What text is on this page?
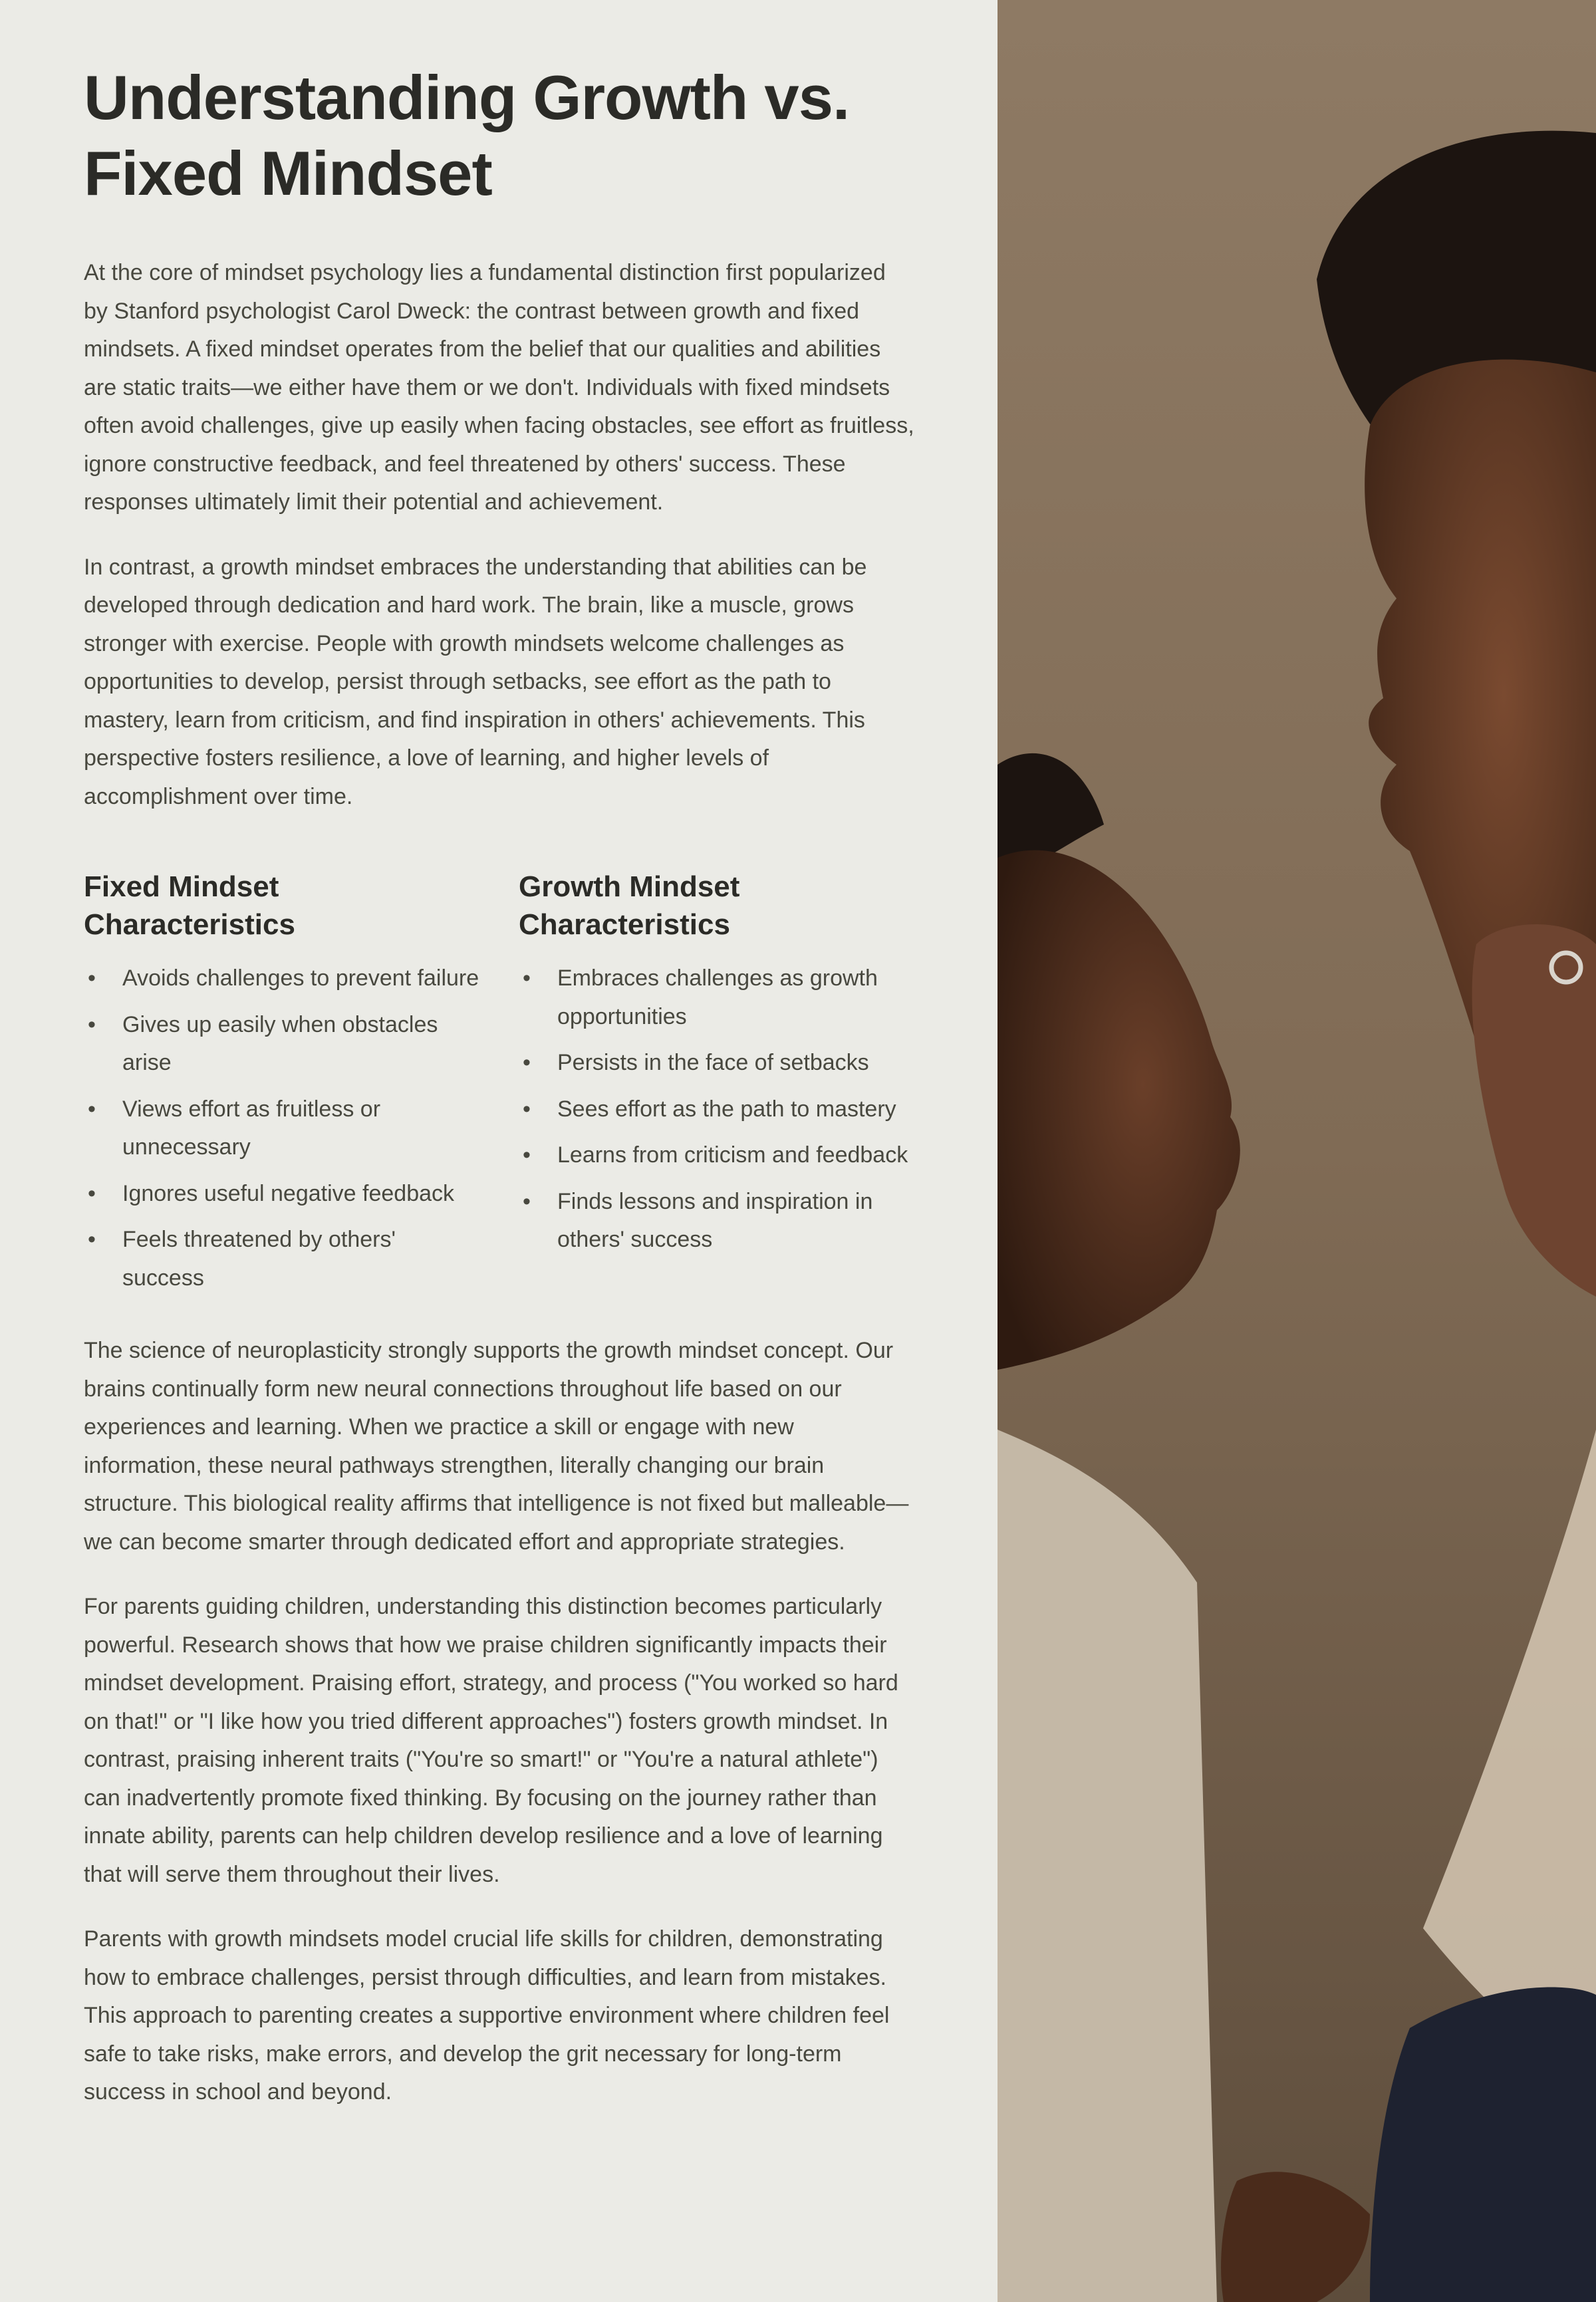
Understanding Growth vs. Fixed Mindset

At the core of mindset psychology lies a fundamental distinction first popularized by Stanford psychologist Carol Dweck: the contrast between growth and fixed mindsets. A fixed mindset operates from the belief that our qualities and abilities are static traits—we either have them or we don't. Individuals with fixed mindsets often avoid challenges, give up easily when facing obstacles, see effort as fruitless, ignore constructive feedback, and feel threatened by others' success. These responses ultimately limit their potential and achievement.

In contrast, a growth mindset embraces the understanding that abilities can be developed through dedication and hard work. The brain, like a muscle, grows stronger with exercise. People with growth mindsets welcome challenges as opportunities to develop, persist through setbacks, see effort as the path to mastery, learn from criticism, and find inspiration in others' achievements. This perspective fosters resilience, a love of learning, and higher levels of accomplishment over time.

Fixed Mindset Characteristics
• Avoids challenges to prevent failure
• Gives up easily when obstacles arise
• Views effort as fruitless or unnecessary
• Ignores useful negative feedback
• Feels threatened by others' success
Growth Mindset Characteristics
• Embraces challenges as growth opportunities
• Persists in the face of setbacks
• Sees effort as the path to mastery
• Learns from criticism and feedback
• Finds lessons and inspiration in others' success

The science of neuroplasticity strongly supports the growth mindset concept. Our brains continually form new neural connections throughout life based on our experiences and learning. When we practice a skill or engage with new information, these neural pathways strengthen, literally changing our brain structure. This biological reality affirms that intelligence is not fixed but malleable—we can become smarter through dedicated effort and appropriate strategies.

For parents guiding children, understanding this distinction becomes particularly powerful. Research shows that how we praise children significantly impacts their mindset development. Praising effort, strategy, and process ("You worked so hard on that!" or "I like how you tried different approaches") fosters growth mindset. In contrast, praising inherent traits ("You're so smart!" or "You're a natural athlete") can inadvertently promote fixed thinking. By focusing on the journey rather than innate ability, parents can help children develop resilience and a love of learning that will serve them throughout their lives.

Parents with growth mindsets model crucial life skills for children, demonstrating how to embrace challenges, persist through difficulties, and learn from mistakes. This approach to parenting creates a supportive environment where children feel safe to take risks, make errors, and develop the grit necessary for long-term success in school and beyond.
